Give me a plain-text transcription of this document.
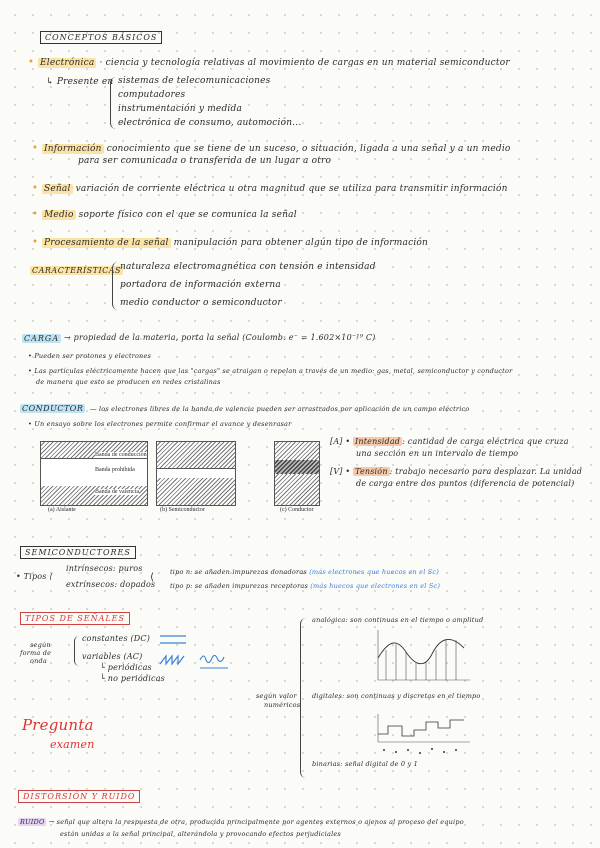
CONCEPTOS BÁSICOS
• Electrónica · ciencia y tecnología relativas al movimiento de cargas en un material semiconductor
↳ Presente en sistemas de telecomunicaciones
computadores
instrumentación y medida
electrónica de consumo, automoción...
• Información conocimiento que se tiene de un suceso, o situación, ligada a una señal y a un medio
para ser comunicada o transferida de un lugar a otro
• Señal variación de corriente eléctrica u otra magnitud que se utiliza para transmitir información
• Medio soporte físico con el que se comunica la señal
• Procesamiento de la señal manipulación para obtener algún tipo de información
CARACTERÍSTICAS
naturaleza electromagnética con tensión e intensidad
portadora de información externa
medio conductor o semiconductor
CARGA → propiedad de la materia, porta la señal (Coulomb: e⁻ = 1.602×10⁻¹⁹ C)
• Pueden ser protones y electrones
• Las partículas eléctricamente hacen que las "cargas" se atraigan o repelan a través de un medio: gas, metal, semiconductor y conductor
de manera que esto se producen en redes cristalinas
CONDUCTOR	— los electrones libres de la banda de valencia pueden ser arrastrados por aplicación de un campo eléctrico
• Un ensayo sobre los electrones permite confirmar el avance y desenrasar
Banda de conducción
Banda prohibida
Banda de valencia
(a) Aislante	(b) Semiconductor	(c) Conductor
[A] • Intensidad : cantidad de carga eléctrica que cruza
una sección en un intervalo de tiempo
[V] • Tensión : trabajo necesario para desplazar. La unidad
de carga entre dos puntos (diferencia de potencial)
SEMICONDUCTORES
• Tipos ⟨
intrínsecos: puros
extrínsecos: dopados
⟨ tipo n: se añaden impurezas donadoras (más electrones que huecos en el Sc)
tipo p: se añaden impurezas receptoras (más huecos que electrones en el Sc)
TIPOS DE SEÑALES
según
forma de
onda
constantes (DC)
variables (AC)
└ periódicas
└ no periódicas
analógica: son continuas en el tiempo o amplitud
según valor
numéricos
digitales: son continuas y discretas en el tiempo
binarias: señal digital de 0 y 1
Pregunta
examen
DISTORSIÓN Y RUIDO
RUIDO → señal que altera la respuesta de otra, producida principalmente por agentes externos o ajenos al proceso del equipo
están unidas a la señal principal, alterándola y provocando efectos perjudiciales
